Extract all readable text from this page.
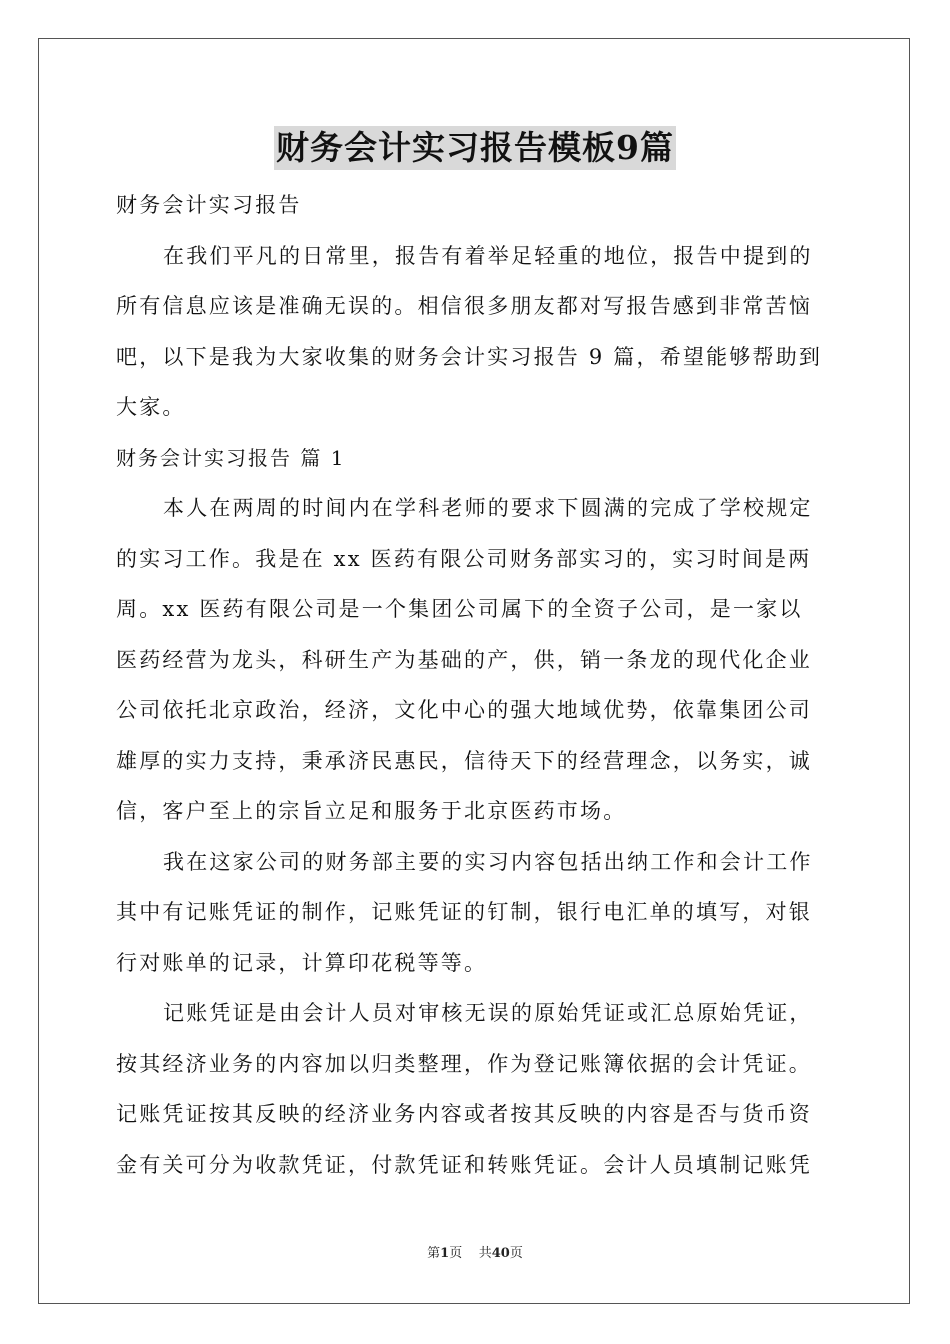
财务会计实习报告模板9篇

财务会计实习报告

在我们平凡的日常里，报告有着举足轻重的地位，报告中提到的
所有信息应该是准确无误的。相信很多朋友都对写报告感到非常苦恼
吧，以下是我为大家收集的财务会计实习报告 9 篇，希望能够帮助到
大家。

财务会计实习报告 篇 1

本人在两周的时间内在学科老师的要求下圆满的完成了学校规定
的实习工作。我是在 xx 医药有限公司财务部实习的，实习时间是两
周。xx 医药有限公司是一个集团公司属下的全资子公司，是一家以
医药经营为龙头，科研生产为基础的产，供，销一条龙的现代化企业
公司依托北京政治，经济，文化中心的强大地域优势，依靠集团公司
雄厚的实力支持，秉承济民惠民，信待天下的经营理念，以务实，诚
信，客户至上的宗旨立足和服务于北京医药市场。

我在这家公司的财务部主要的实习内容包括出纳工作和会计工作
其中有记账凭证的制作，记账凭证的钉制，银行电汇单的填写，对银
行对账单的记录，计算印花税等等。

记账凭证是由会计人员对审核无误的原始凭证或汇总原始凭证，
按其经济业务的内容加以归类整理，作为登记账簿依据的会计凭证。
记账凭证按其反映的经济业务内容或者按其反映的内容是否与货币资
金有关可分为收款凭证，付款凭证和转账凭证。会计人员填制记账凭

第1页 共40页
